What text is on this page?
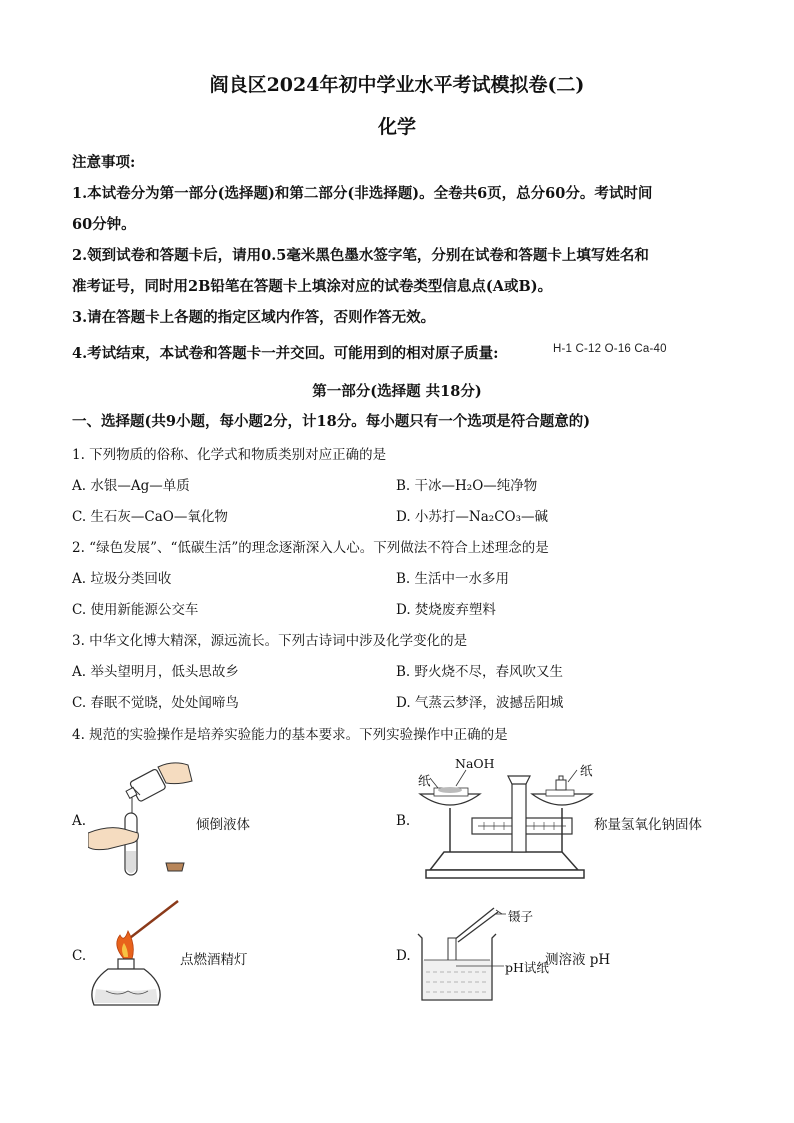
阎良区2024年初中学业水平考试模拟卷(二)
化学
注意事项:
1.本试卷分为第一部分(选择题)和第二部分(非选择题)。全卷共6页，总分60分。考试时间
60分钟。
2.领到试卷和答题卡后，请用0.5毫米黑色墨水签字笔，分别在试卷和答题卡上填写姓名和
准考证号，同时用2B铅笔在答题卡上填涂对应的试卷类型信息点(A或B)。
3.请在答题卡上各题的指定区域内作答，否则作答无效。
4.考试结束，本试卷和答题卡一并交回。可能用到的相对原子质量:	H-1 C-12 O-16 Ca-40
第一部分(选择题 共18分)
一、选择题(共9小题，每小题2分，计18分。每小题只有一个选项是符合题意的)
1. 下列物质的俗称、化学式和物质类别对应正确的是
A. 水银—Ag—单质	B. 干冰—H₂O—纯净物
C. 生石灰—CaO—氧化物	D. 小苏打—Na₂CO₃—碱
2. “绿色发展”、“低碳生活”的理念逐渐深入人心。下列做法不符合上述理念的是
A. 垃圾分类回收	B. 生活中一水多用
C. 使用新能源公交车	D. 焚烧废弃塑料
3. 中华文化博大精深，源远流长。下列古诗词中涉及化学变化的是
A. 举头望明月，低头思故乡	B. 野火烧不尽，春风吹又生
C. 春眠不觉晓，处处闻啼鸟	D. 气蒸云梦泽，波撼岳阳城
4. 规范的实验操作是培养实验能力的基本要求。下列实验操作中正确的是
A.	倾倒液体	B.
NaOH
纸
纸
称量氢氧化钠固体
C.	点燃酒精灯	D.
镊子
pH试纸
测溶液 pH
